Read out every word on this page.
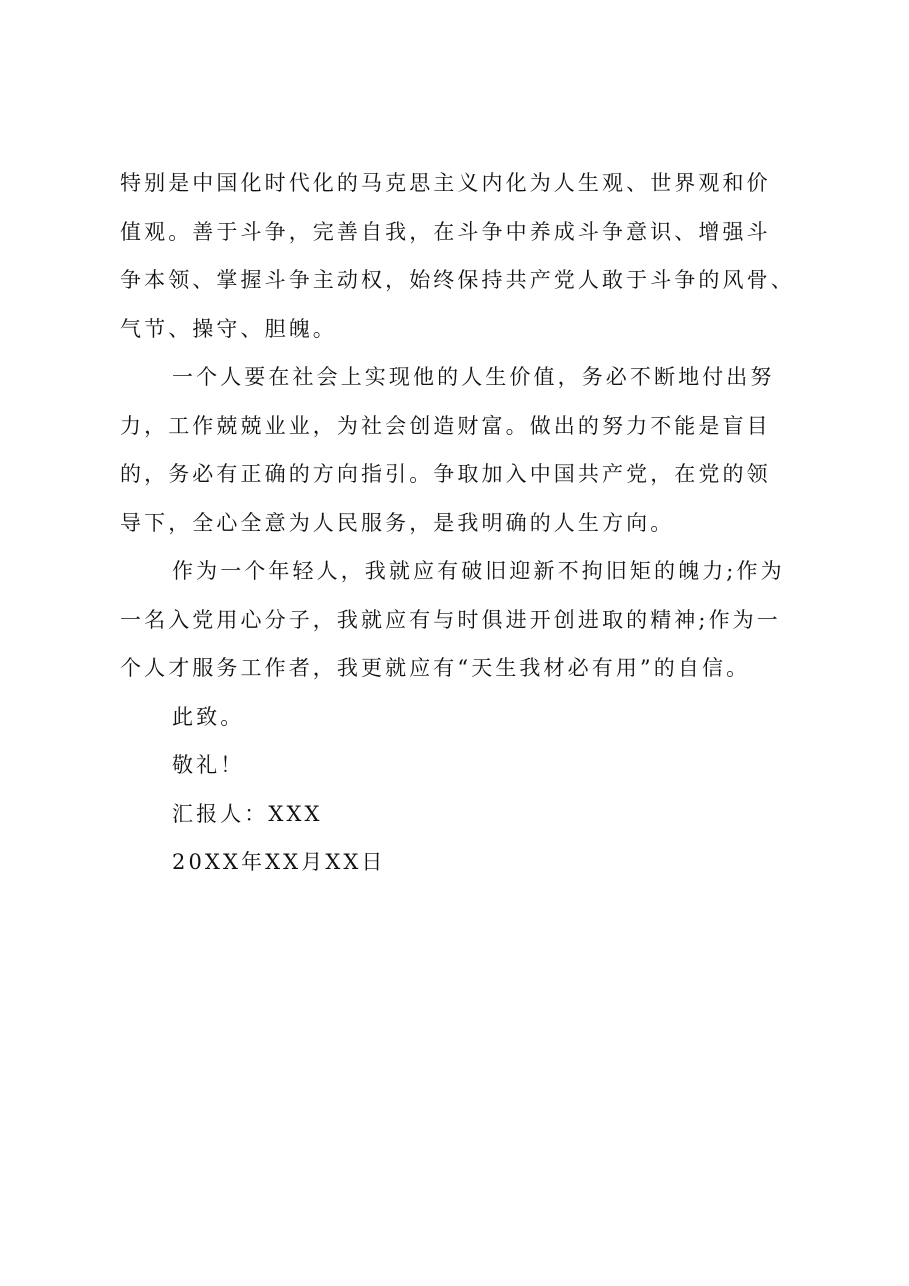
特别是中国化时代化的马克思主义内化为人生观、世界观和价
值观。善于斗争，完善自我，在斗争中养成斗争意识、增强斗
争本领、掌握斗争主动权，始终保持共产党人敢于斗争的风骨、
气节、操守、胆魄。
一个人要在社会上实现他的人生价值，务必不断地付出努
力，工作兢兢业业，为社会创造财富。做出的努力不能是盲目
的，务必有正确的方向指引。争取加入中国共产党，在党的领
导下，全心全意为人民服务，是我明确的人生方向。
作为一个年轻人，我就应有破旧迎新不拘旧矩的魄力;作为
一名入党用心分子，我就应有与时俱进开创进取的精神;作为一
个人才服务工作者，我更就应有“天生我材必有用”的自信。
此致。
敬礼！
汇报人：XXX
20XX年XX月XX日
